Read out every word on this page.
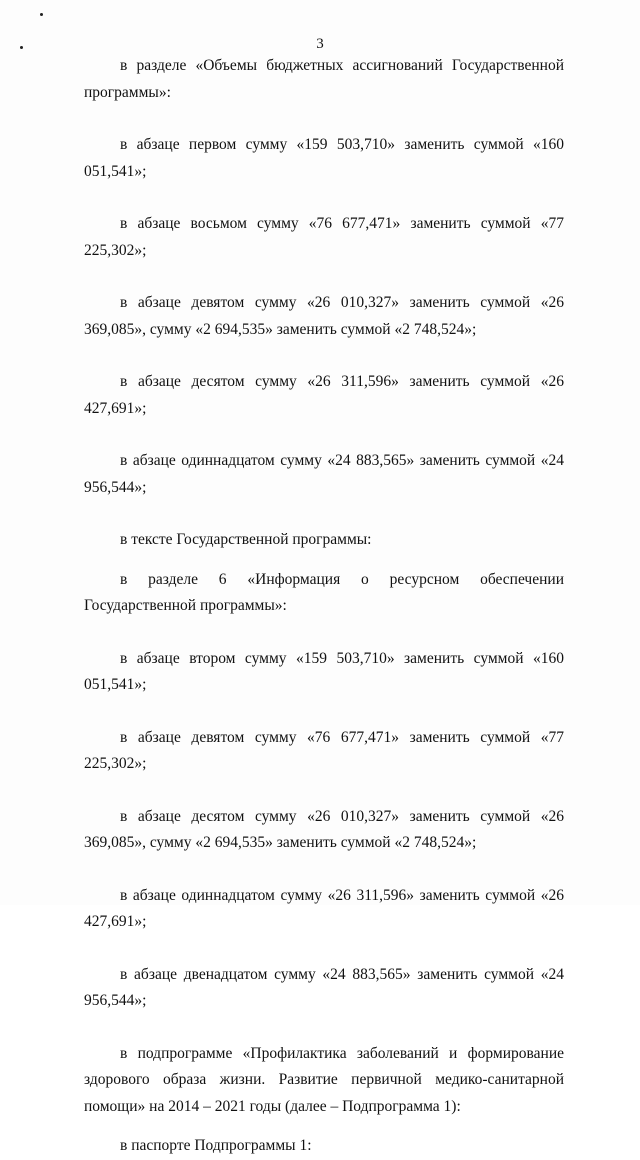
3

в разделе «Объемы бюджетных ассигнований Государственной программы»:

в абзаце первом сумму «159 503,710» заменить суммой «160 051,541»;

в абзаце восьмом сумму «76 677,471» заменить суммой «77 225,302»;

в абзаце девятом сумму «26 010,327» заменить суммой «26 369,085», сумму «2 694,535» заменить суммой «2 748,524»;

в абзаце десятом сумму «26 311,596» заменить суммой «26 427,691»;

в абзаце одиннадцатом сумму «24 883,565» заменить суммой «24 956,544»;

в тексте Государственной программы:

в разделе 6 «Информация о ресурсном обеспечении Государственной программы»:

в абзаце втором сумму «159 503,710» заменить суммой «160 051,541»;

в абзаце девятом сумму «76 677,471» заменить суммой «77 225,302»;

в абзаце десятом сумму «26 010,327» заменить суммой «26 369,085», сумму «2 694,535» заменить суммой «2 748,524»;

в абзаце одиннадцатом сумму «26 311,596» заменить суммой «26 427,691»;

в абзаце двенадцатом сумму «24 883,565» заменить суммой «24 956,544»;

в подпрограмме «Профилактика заболеваний и формирование здорового образа жизни. Развитие первичной медико-санитарной помощи» на 2014 – 2021 годы (далее – Подпрограмма 1):

в паспорте Подпрограммы 1:
